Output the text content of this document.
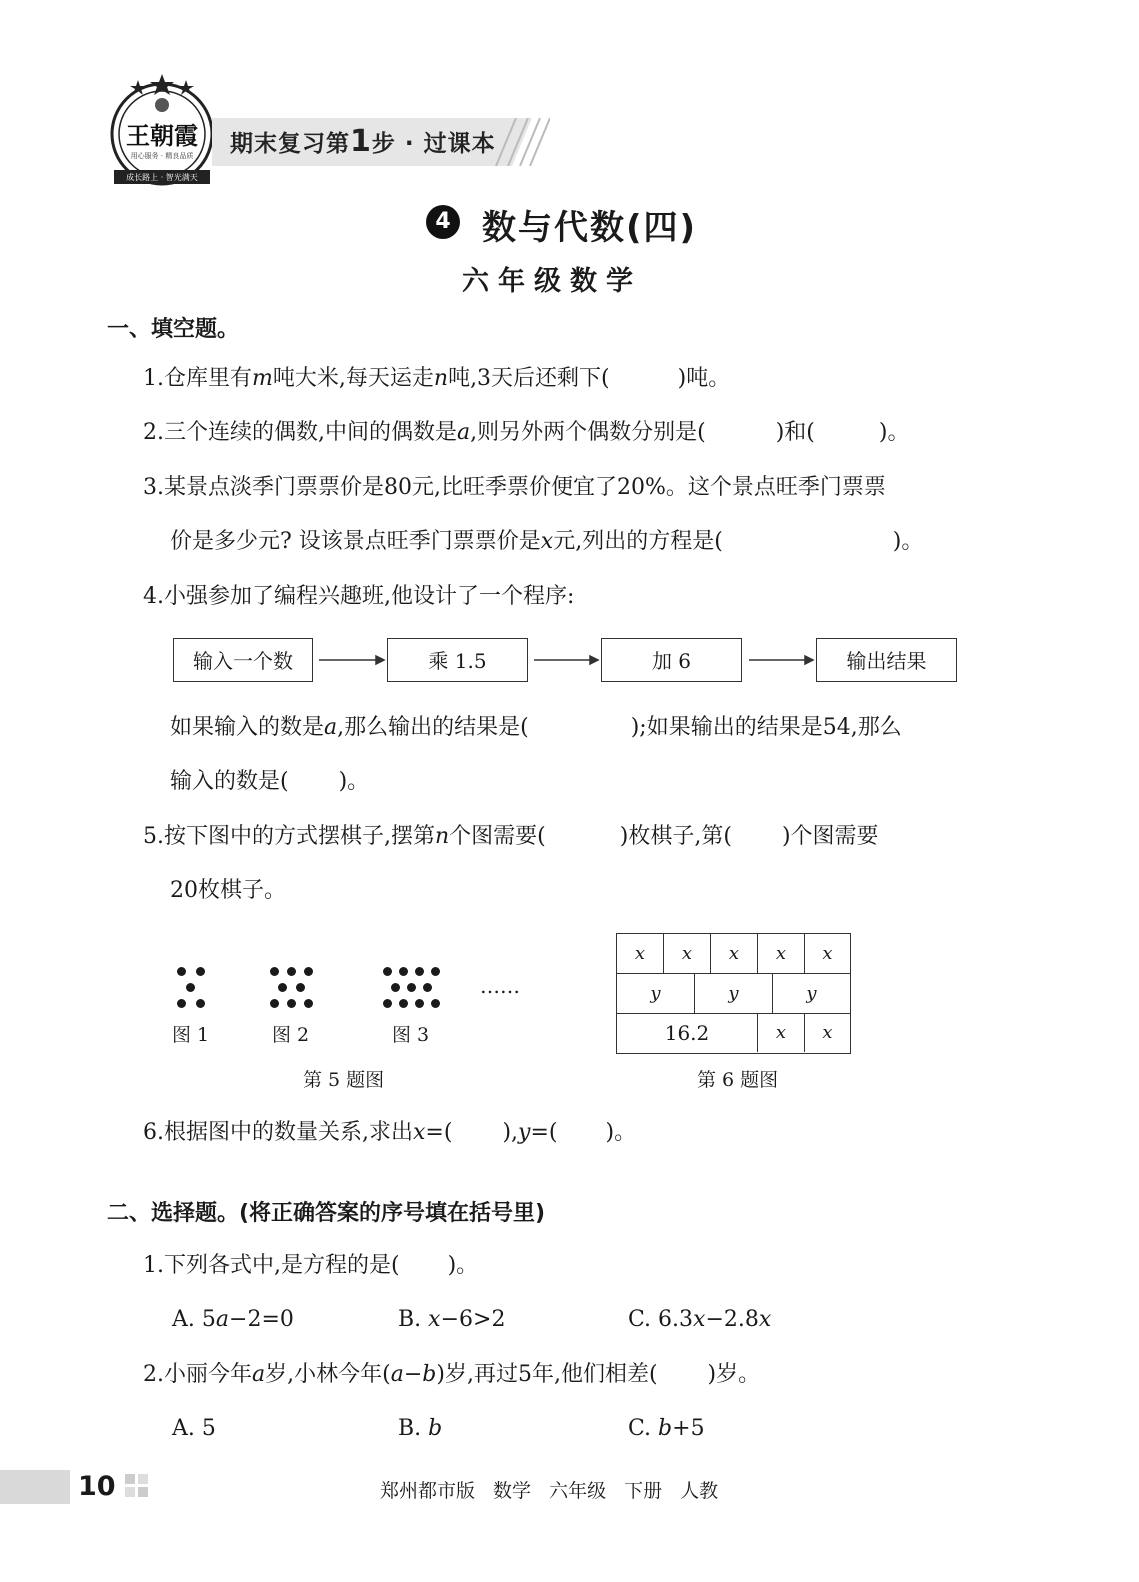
王朝霞
用心服务 · 精良品质
成长路上 · 智光满天
期末复习第1步 · 过课本
4 数与代数(四)
六年级数学
一、填空题。
1.仓库里有m吨大米,每天运走n吨,3天后还剩下(	)吨。
2.三个连续的偶数,中间的偶数是a,则另外两个偶数分别是(	)和(	)。
3.某景点淡季门票票价是80元,比旺季票价便宜了20%。这个景点旺季门票票
价是多少元? 设该景点旺季门票票价是x元,列出的方程是(	)。
4.小强参加了编程兴趣班,他设计了一个程序:
输入一个数	乘 1.5	加 6	输出结果
如果输入的数是a,那么输出的结果是(	);如果输出的结果是54,那么
输入的数是( )。
5.按下图中的方式摆棋子,摆第n个图需要(	)枚棋子,第( )个图需要
20枚棋子。
……
图 1	图 2	图 3
第 5 题图
x	x	x	x	x
y	y	y
16.2	x	x
第 6 题图
6.根据图中的数量关系,求出x=( ),y=( )。
二、选择题。(将正确答案的序号填在括号里)
1.下列各式中,是方程的是( )。
A. 5a−2=0	B. x−6>2	C. 6.3x−2.8x
2.小丽今年a岁,小林今年(a−b)岁,再过5年,他们相差( )岁。
A. 5	B. b	C. b+5
10	郑州都市版 数学 六年级 下册 人教
